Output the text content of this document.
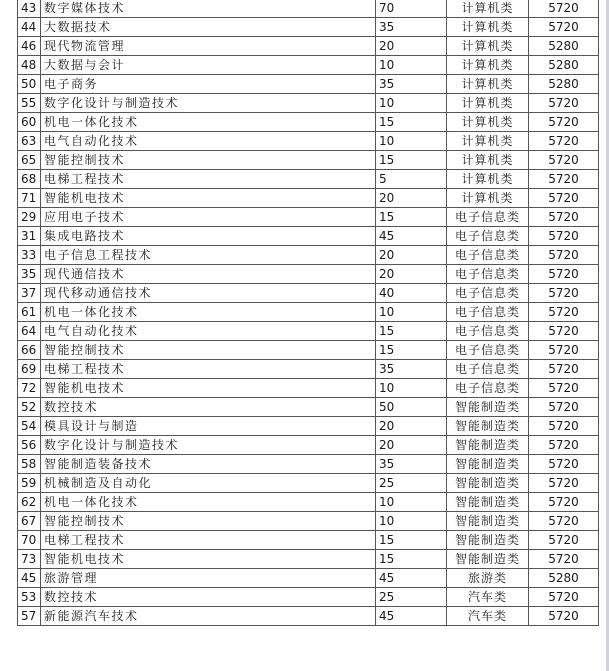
43	数字媒体技术	70	计算机类	5720
44	大数据技术	35	计算机类	5720
46	现代物流管理	20	计算机类	5280
48	大数据与会计	10	计算机类	5280
50	电子商务	35	计算机类	5280
55	数字化设计与制造技术	10	计算机类	5720
60	机电一体化技术	15	计算机类	5720
63	电气自动化技术	10	计算机类	5720
65	智能控制技术	15	计算机类	5720
68	电梯工程技术	5	计算机类	5720
71	智能机电技术	20	计算机类	5720
29	应用电子技术	15	电子信息类	5720
31	集成电路技术	45	电子信息类	5720
33	电子信息工程技术	20	电子信息类	5720
35	现代通信技术	20	电子信息类	5720
37	现代移动通信技术	40	电子信息类	5720
61	机电一体化技术	10	电子信息类	5720
64	电气自动化技术	15	电子信息类	5720
66	智能控制技术	15	电子信息类	5720
69	电梯工程技术	35	电子信息类	5720
72	智能机电技术	10	电子信息类	5720
52	数控技术	50	智能制造类	5720
54	模具设计与制造	20	智能制造类	5720
56	数字化设计与制造技术	20	智能制造类	5720
58	智能制造装备技术	35	智能制造类	5720
59	机械制造及自动化	25	智能制造类	5720
62	机电一体化技术	10	智能制造类	5720
67	智能控制技术	10	智能制造类	5720
70	电梯工程技术	15	智能制造类	5720
73	智能机电技术	15	智能制造类	5720
45	旅游管理	45	旅游类	5280
53	数控技术	25	汽车类	5720
57	新能源汽车技术	45	汽车类	5720
